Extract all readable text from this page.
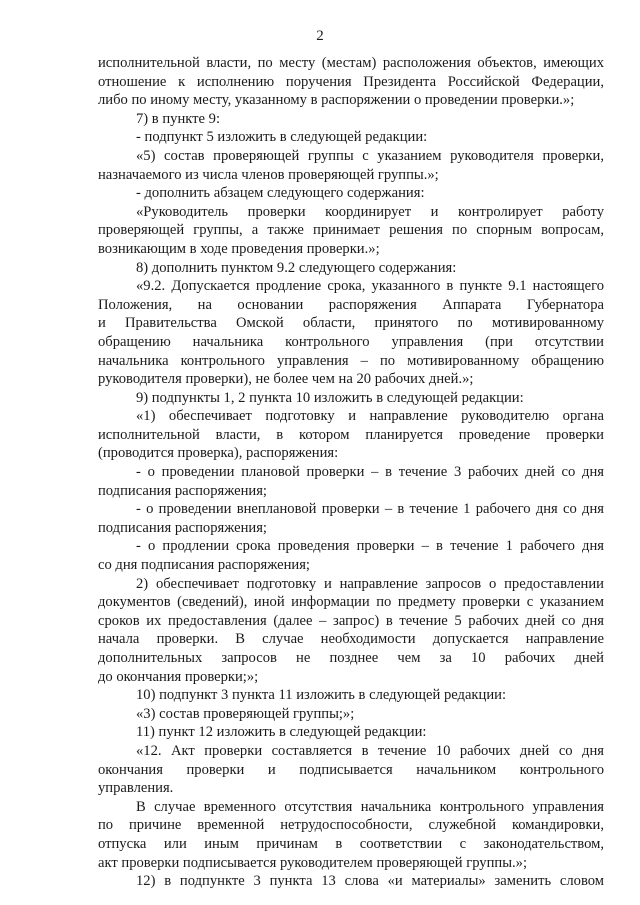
2
исполнительной власти, по месту (местам) расположения объектов, имеющих
отношение к исполнению поручения Президента Российской Федерации,
либо по иному месту, указанному в распоряжении о проведении проверки.»;
7) в пункте 9:
- подпункт 5 изложить в следующей редакции:
«5) состав проверяющей группы с указанием руководителя проверки,
назначаемого из числа членов проверяющей группы.»;
- дополнить абзацем следующего содержания:
«Руководитель проверки координирует и контролирует работу
проверяющей группы, а также принимает решения по спорным вопросам,
возникающим в ходе проведения проверки.»;
8) дополнить пунктом 9.2 следующего содержания:
«9.2. Допускается продление срока, указанного в пункте 9.1 настоящего
Положения, на основании распоряжения Аппарата Губернатора
и Правительства Омской области, принятого по мотивированному
обращению начальника контрольного управления (при отсутствии
начальника контрольного управления – по мотивированному обращению
руководителя проверки), не более чем на 20 рабочих дней.»;
9) подпункты 1, 2 пункта 10 изложить в следующей редакции:
«1) обеспечивает подготовку и направление руководителю органа
исполнительной власти, в котором планируется проведение проверки
(проводится проверка), распоряжения:
- о проведении плановой проверки – в течение 3 рабочих дней со дня
подписания распоряжения;
- о проведении внеплановой проверки – в течение 1 рабочего дня со дня
подписания распоряжения;
- о продлении срока проведения проверки – в течение 1 рабочего дня
со дня подписания распоряжения;
2) обеспечивает подготовку и направление запросов о предоставлении
документов (сведений), иной информации по предмету проверки с указанием
сроков их предоставления (далее – запрос) в течение 5 рабочих дней со дня
начала проверки. В случае необходимости допускается направление
дополнительных запросов не позднее чем за 10 рабочих дней
до окончания проверки;»;
10) подпункт 3 пункта 11 изложить в следующей редакции:
«3) состав проверяющей группы;»;
11) пункт 12 изложить в следующей редакции:
«12. Акт проверки составляется в течение 10 рабочих дней со дня
окончания проверки и подписывается начальником контрольного
управления.
В случае временного отсутствия начальника контрольного управления
по причине временной нетрудоспособности, служебной командировки,
отпуска или иным причинам в соответствии с законодательством,
акт проверки подписывается руководителем проверяющей группы.»;
12) в подпункте 3 пункта 13 слова «и материалы» заменить словом
